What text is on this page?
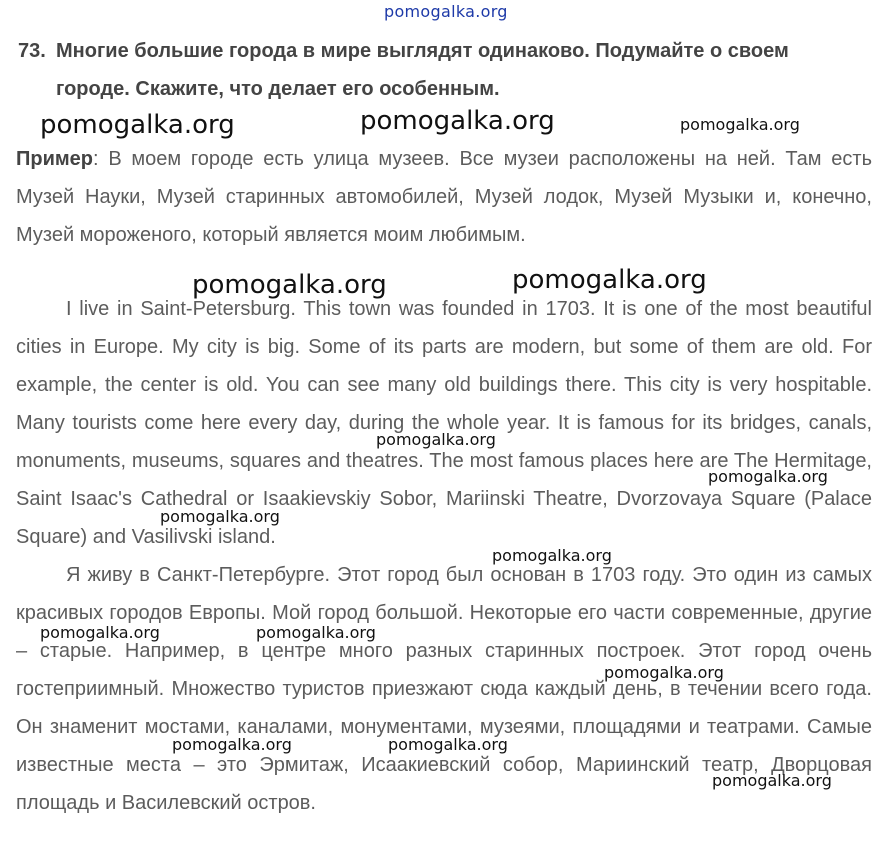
pomogalka.org
73. Многие большие города в мире выглядят одинаково. Подумайте о своем
городе. Скажите, что делает его особенным.

Пример: В моем городе есть улица музеев. Все музеи расположены на ней. Там есть Музей Науки, Музей старинных автомобилей, Музей лодок, Музей Музыки и, конечно, Музей мороженого, который является моим любимым.

I live in Saint-Petersburg. This town was founded in 1703. It is one of the most beautiful cities in Europe. My city is big. Some of its parts are modern, but some of them are old. For example, the center is old. You can see many old buildings there. This city is very hospitable. Many tourists come here every day, during the whole year. It is famous for its bridges, canals, monuments, museums, squares and theatres. The most famous places here are The Hermitage, Saint Isaac's Cathedral or Isaakievskiy Sobor, Mariinski Theatre, Dvorzovaya Square (Palace Square) and Vasilivski island.

Я живу в Санкт-Петербурге. Этот город был основан в 1703 году. Это один из самых красивых городов Европы. Мой город большой. Некоторые его части современные, другие – старые. Например, в центре много разных старинных построек. Этот город очень гостеприимный. Множество туристов приезжают сюда каждый день, в течении всего года. Он знаменит мостами, каналами, монументами, музеями, площадями и театрами. Самые известные места – это Эрмитаж, Исаакиевский собор, Мариинский театр, Дворцовая площадь и Василевский остров.

pomogalka.org	pomogalka.org	pomogalka.org
pomogalka.org	pomogalka.org
pomogalka.org
pomogalka.org
pomogalka.org
pomogalka.org
pomogalka.org	pomogalka.org
pomogalka.org
pomogalka.org	pomogalka.org
pomogalka.org
